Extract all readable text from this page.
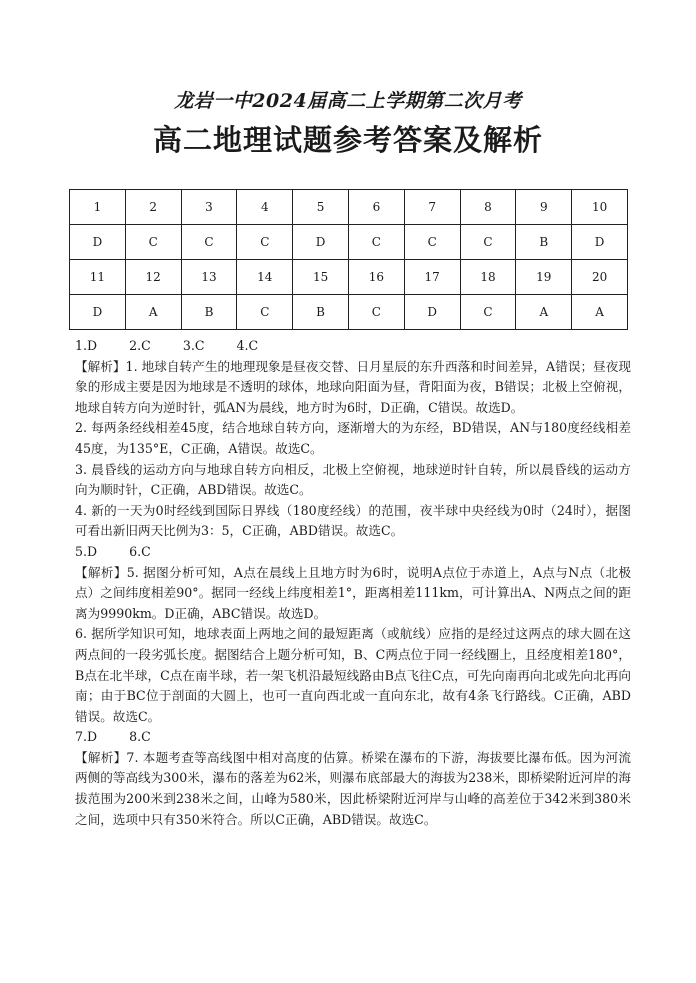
龙岩一中2024届高二上学期第二次月考
高二地理试题参考答案及解析
1	2	3	4	5	6	7	8	9	10
D	C	C	C	D	C	C	C	B	D
11	12	13	14	15	16	17	18	19	20
D	A	B	C	B	C	D	C	A	A

1.D        2.C        3.C        4.C

【解析】1. 地球自转产生的地理现象是昼夜交替、日月星辰的东升西落和时间差异，A错误；昼夜现象的形成主要是因为地球是不透明的球体，地球向阳面为昼，背阳面为夜，B错误；北极上空俯视，地球自转方向为逆时针，弧AN为晨线，地方时为6时，D正确，C错误。故选D。

2. 每两条经线相差45度，结合地球自转方向，逐渐增大的为东经，BD错误，AN与180度经线相差45度，为135°E，C正确，A错误。故选C。

3. 晨昏线的运动方向与地球自转方向相反，北极上空俯视，地球逆时针自转，所以晨昏线的运动方向为顺时针，C正确，ABD错误。故选C。

4. 新的一天为0时经线到国际日界线（180度经线）的范围，夜半球中央经线为0时（24时），据图可看出新旧两天比例为3：5，C正确，ABD错误。故选C。

5.D        6.C

【解析】5. 据图分析可知，A点在晨线上且地方时为6时，说明A点位于赤道上，A点与N点（北极点）之间纬度相差90°。据同一经线上纬度相差1°，距离相差111km，可计算出A、N两点之间的距离为9990km。D正确，ABC错误。故选D。

6. 据所学知识可知，地球表面上两地之间的最短距离（或航线）应指的是经过这两点的球大圆在这两点间的一段劣弧长度。据图结合上题分析可知，B、C两点位于同一经线圈上，且经度相差180°，B点在北半球，C点在南半球，若一架飞机沿最短线路由B点飞往C点，可先向南再向北或先向北再向南；由于BC位于剖面的大圆上，也可一直向西北或一直向东北，故有4条飞行路线。C正确，ABD错误。故选C。

7.D        8.C

【解析】7. 本题考查等高线图中相对高度的估算。桥梁在瀑布的下游，海拔要比瀑布低。因为河流两侧的等高线为300米，瀑布的落差为62米，则瀑布底部最大的海拔为238米，即桥梁附近河岸的海拔范围为200米到238米之间，山峰为580米，因此桥梁附近河岸与山峰的高差位于342米到380米之间，选项中只有350米符合。所以C正确，ABD错误。故选C。
